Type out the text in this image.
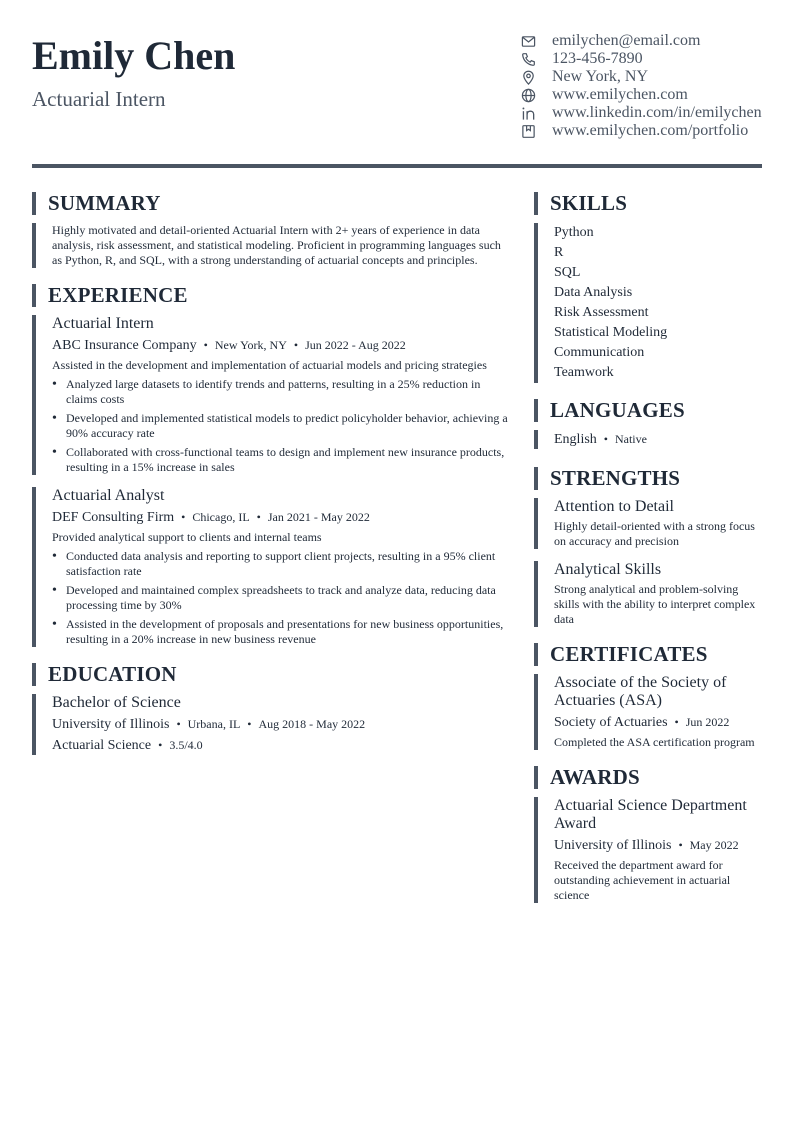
Emily Chen
Actuarial Intern
emilychen@email.com
123-456-7890
New York, NY
www.emilychen.com
www.linkedin.com/in/emilychen
www.emilychen.com/portfolio
SUMMARY
Highly motivated and detail-oriented Actuarial Intern with 2+ years of experience in data analysis, risk assessment, and statistical modeling. Proficient in programming languages such as Python, R, and SQL, with a strong understanding of actuarial concepts and principles.
EXPERIENCE
Actuarial Intern
ABC Insurance Company • New York, NY • Jun 2022 - Aug 2022
Assisted in the development and implementation of actuarial models and pricing strategies
• Analyzed large datasets to identify trends and patterns, resulting in a 25% reduction in claims costs
• Developed and implemented statistical models to predict policyholder behavior, achieving a 90% accuracy rate
• Collaborated with cross-functional teams to design and implement new insurance products, resulting in a 15% increase in sales
Actuarial Analyst
DEF Consulting Firm • Chicago, IL • Jan 2021 - May 2022
Provided analytical support to clients and internal teams
• Conducted data analysis and reporting to support client projects, resulting in a 95% client satisfaction rate
• Developed and maintained complex spreadsheets to track and analyze data, reducing data processing time by 30%
• Assisted in the development of proposals and presentations for new business opportunities, resulting in a 20% increase in new business revenue
EDUCATION
Bachelor of Science
University of Illinois • Urbana, IL • Aug 2018 - May 2022
Actuarial Science • 3.5/4.0
SKILLS
Python
R
SQL
Data Analysis
Risk Assessment
Statistical Modeling
Communication
Teamwork
LANGUAGES
English • Native
STRENGTHS
Attention to Detail
Highly detail-oriented with a strong focus on accuracy and precision
Analytical Skills
Strong analytical and problem-solving skills with the ability to interpret complex data
CERTIFICATES
Associate of the Society of Actuaries (ASA)
Society of Actuaries • Jun 2022
Completed the ASA certification program
AWARDS
Actuarial Science Department Award
University of Illinois • May 2022
Received the department award for outstanding achievement in actuarial science
